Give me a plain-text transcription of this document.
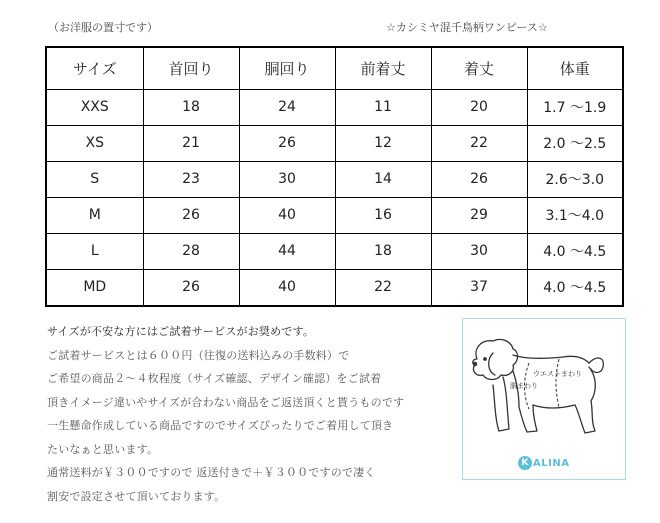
（お洋服の置寸です）	☆カシミヤ混千鳥柄ワンピース☆
サイズ	首回り	胴回り	前着丈	着丈	体重
XXS	18	24	11	20	1.7 ～1.9
XS	21	26	12	22	2.0 ～2.5
S	23	30	14	26	2.6～3.0
M	26	40	16	29	3.1～4.0
L	28	44	18	30	4.0 ～4.5
MD	26	40	22	37	4.0 ～4.5
サイズが不安な方にはご試着サービスがお奨めです。
ご試着サービスとは６００円（往復の送料込みの手数料）で
ご希望の商品２～４枚程度（サイズ確認、デザイン確認）をご試着
頂きイメージ違いやサイズが合わない商品をご返送頂くと貰うものです
一生懸命作成している商品ですのでサイズぴったりでご着用して頂き
たいなぁと思います。
通常送料が￥３００ですので 返送付きで＋￥３００ですので凄く
割安で設定させて頂いております。
ウエストまわり
胴まわり
K ALINA
